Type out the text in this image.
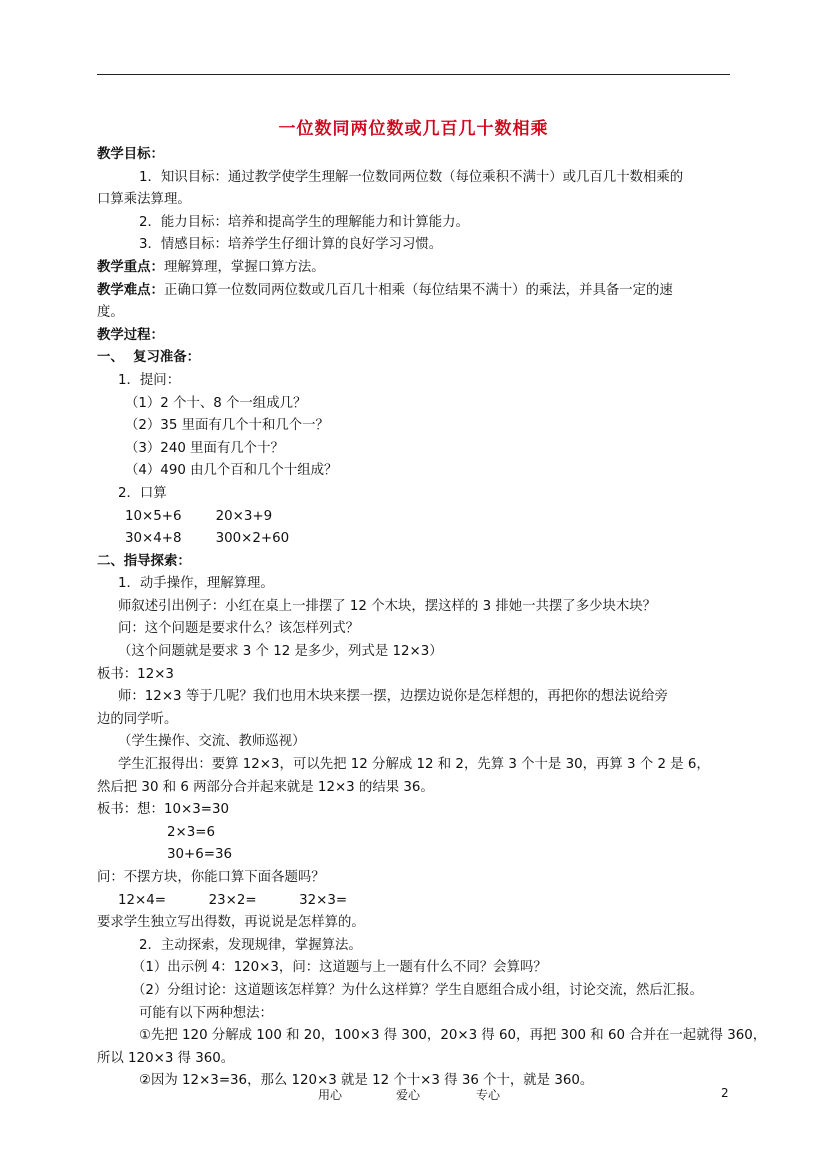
一位数同两位数或几百几十数相乘
教学目标：
1．知识目标：通过教学使学生理解一位数同两位数（每位乘积不满十）或几百几十数相乘的
口算乘法算理。
2．能力目标：培养和提高学生的理解能力和计算能力。
3．情感目标：培养学生仔细计算的良好学习习惯。
教学重点：理解算理，掌握口算方法。
教学难点：正确口算一位数同两位数或几百几十相乘（每位结果不满十）的乘法，并具备一定的速
度。
教学过程：
一、  复习准备：
1．提问：
（1）2 个十、8 个一组成几？
（2）35 里面有几个十和几个一？
（3）240 里面有几个十？
（4）490 由几个百和几个十组成？
2．口算
10×5+6        20×3+9
30×4+8        300×2+60
二、指导探索：
1．动手操作，理解算理。
师叙述引出例子：小红在桌上一排摆了 12 个木块，摆这样的 3 排她一共摆了多少块木块？
问：这个问题是要求什么？该怎样列式？
（这个问题就是要求 3 个 12 是多少，列式是 12×3）
板书：12×3
师：12×3 等于几呢？我们也用木块来摆一摆，边摆边说你是怎样想的，再把你的想法说给旁
边的同学听。
（学生操作、交流、教师巡视）
学生汇报得出：要算 12×3，可以先把 12 分解成 12 和 2，先算 3 个十是 30，再算 3 个 2 是 6，
然后把 30 和 6 两部分合并起来就是 12×3 的结果 36。
板书：想：10×3=30
2×3=6
30+6=36
问：不摆方块，你能口算下面各题吗？
12×4=          23×2=          32×3=
要求学生独立写出得数，再说说是怎样算的。
2．主动探索，发现规律，掌握算法。
（1）出示例 4：120×3，问：这道题与上一题有什么不同？会算吗？
（2）分组讨论：这道题该怎样算？为什么这样算？学生自愿组合成小组，讨论交流，然后汇报。
可能有以下两种想法：
①先把 120 分解成 100 和 20，100×3 得 300，20×3 得 60，再把 300 和 60 合并在一起就得 360，
所以 120×3 得 360。
②因为 12×3=36，那么 120×3 就是 12 个十×3 得 36 个十，就是 360。
用心	爱心	专心	2
